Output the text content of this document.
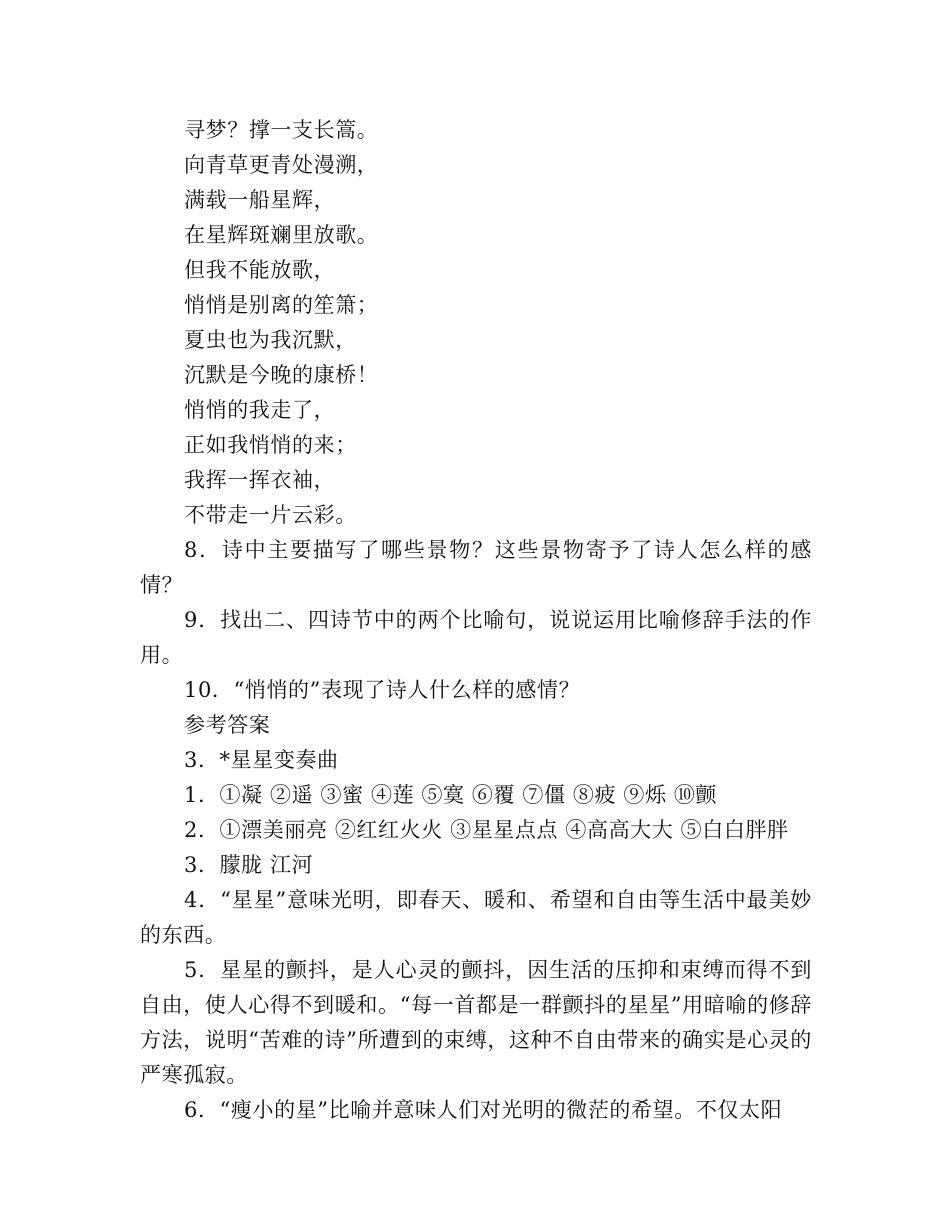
寻梦？撑一支长篙。
向青草更青处漫溯，
满载一船星辉，
在星辉斑斓里放歌。
但我不能放歌，
悄悄是别离的笙箫；
夏虫也为我沉默，
沉默是今晚的康桥！
悄悄的我走了，
正如我悄悄的来；
我挥一挥衣袖，
不带走一片云彩。

8．诗中主要描写了哪些景物？这些景物寄予了诗人怎么样的感情？

9．找出二、四诗节中的两个比喻句，说说运用比喻修辞手法的作用。

10．“悄悄的”表现了诗人什么样的感情？

参考答案

3．*星星变奏曲

1．①凝 ②遥 ③蜜 ④莲 ⑤寞 ⑥覆 ⑦僵 ⑧疲 ⑨烁 ⑩颤

2．①漂美丽亮 ②红红火火 ③星星点点 ④高高大大 ⑤白白胖胖

3．朦胧 江河

4．“星星”意味光明，即春天、暖和、希望和自由等生活中最美妙的东西。

5．星星的颤抖，是人心灵的颤抖，因生活的压抑和束缚而得不到自由，使人心得不到暖和。“每一首都是一群颤抖的星星”用暗喻的修辞方法，说明“苦难的诗”所遭到的束缚，这种不自由带来的确实是心灵的严寒孤寂。

6．“瘦小的星”比喻并意味人们对光明的微茫的希望。不仅太阳
